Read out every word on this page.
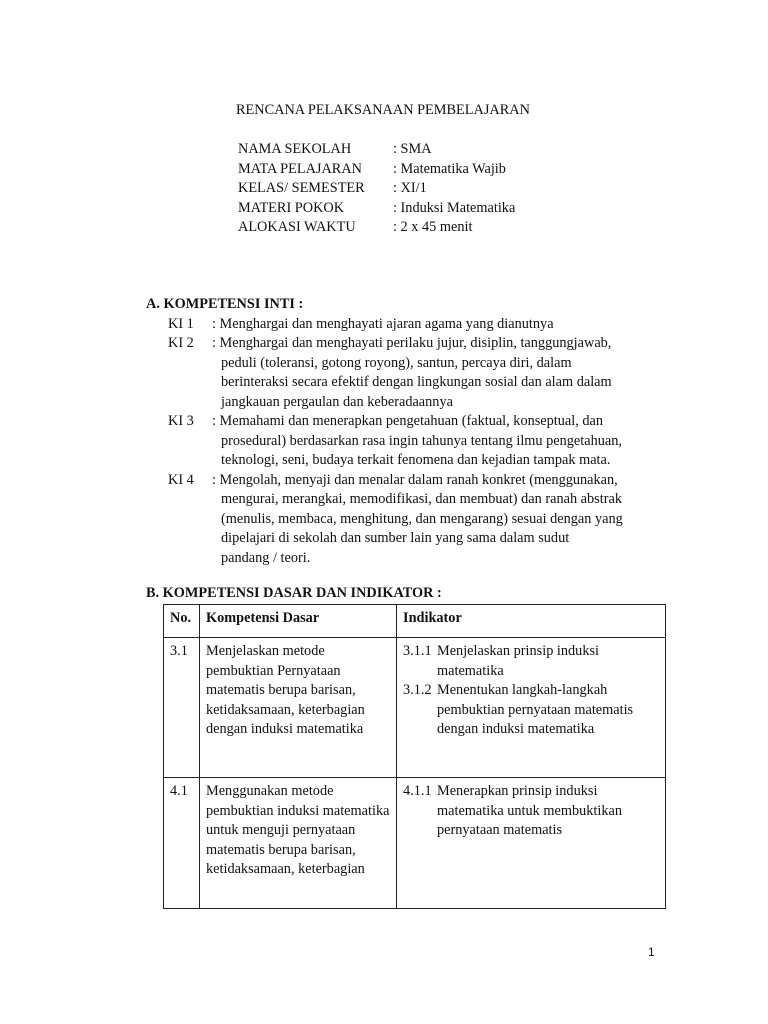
RENCANA PELAKSANAAN PEMBELAJARAN
NAMA SEKOLAH	: SMA
MATA PELAJARAN : Matematika Wajib
KELAS/ SEMESTER : XI/1
MATERI POKOK	: Induksi Matematika
ALOKASI WAKTU	: 2 x 45 menit
A. KOMPETENSI INTI :
KI 1 : Menghargai dan menghayati ajaran agama yang dianutnya
KI 2 : Menghargai dan menghayati perilaku jujur, disiplin, tanggungjawab,
peduli (toleransi, gotong royong), santun, percaya diri, dalam
berinteraksi secara efektif dengan lingkungan sosial dan alam dalam
jangkauan pergaulan dan keberadaannya
KI 3 : Memahami dan menerapkan pengetahuan (faktual, konseptual, dan
prosedural) berdasarkan rasa ingin tahunya tentang ilmu pengetahuan,
teknologi, seni, budaya terkait fenomena dan kejadian tampak mata.
KI 4 : Mengolah, menyaji dan menalar dalam ranah konkret (menggunakan,
mengurai, merangkai, memodifikasi, dan membuat) dan ranah abstrak
(menulis, membaca, menghitung, dan mengarang) sesuai dengan yang
dipelajari di sekolah dan sumber lain yang sama dalam sudut
pandang / teori.
B. KOMPETENSI DASAR DAN INDIKATOR :
No.	Kompetensi Dasar	Indikator
3.1	Menjelaskan metode pembuktian Pernyataan matematis berupa barisan, ketidaksamaan, keterbagian dengan induksi matematika	3.1.1 Menjelaskan prinsip induksi matematika
3.1.2 Menentukan langkah-langkah pembuktian pernyataan matematis dengan induksi matematika

4.1	Menggunakan metode pembuktian induksi matematika untuk menguji pernyataan matematis berupa barisan, ketidaksamaan, keterbagian	4.1.1 Menerapkan prinsip induksi matematika untuk membuktikan pernyataan matematis
1
